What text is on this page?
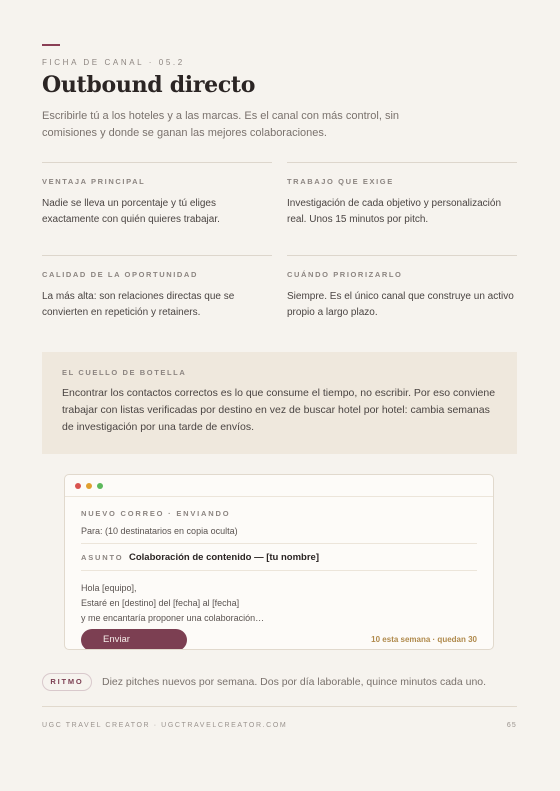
FICHA DE CANAL · 05.2
Outbound directo

Escribirle tú a los hoteles y a las marcas. Es el canal con más control, sin comisiones y donde se ganan las mejores colaboraciones.

VENTAJA PRINCIPAL
Nadie se lleva un porcentaje y tú eliges exactamente con quién quieres trabajar.
TRABAJO QUE EXIGE
Investigación de cada objetivo y personalización real. Unos 15 minutos por pitch.
CALIDAD DE LA OPORTUNIDAD
La más alta: son relaciones directas que se convierten en repetición y retainers.
CUÁNDO PRIORIZARLO
Siempre. Es el único canal que construye un activo propio a largo plazo.
EL CUELLO DE BOTELLA
Encontrar los contactos correctos es lo que consume el tiempo, no escribir. Por eso conviene trabajar con listas verificadas por destino en vez de buscar hotel por hotel: cambia semanas de investigación por una tarde de envíos.
NUEVO CORREO · ENVIANDO
Para: (10 destinatarios en copia oculta)
ASUNTO Colaboración de contenido — [tu nombre]
Hola [equipo],
Estaré en [destino] del [fecha] al [fecha]
y me encantaría proponer una colaboración…
Enviar	10 esta semana · quedan 30
RITMO	Diez pitches nuevos por semana. Dos por día laborable, quince minutos cada uno.
UGC TRAVEL CREATOR · UGCTRAVELCREATOR.COM	65
